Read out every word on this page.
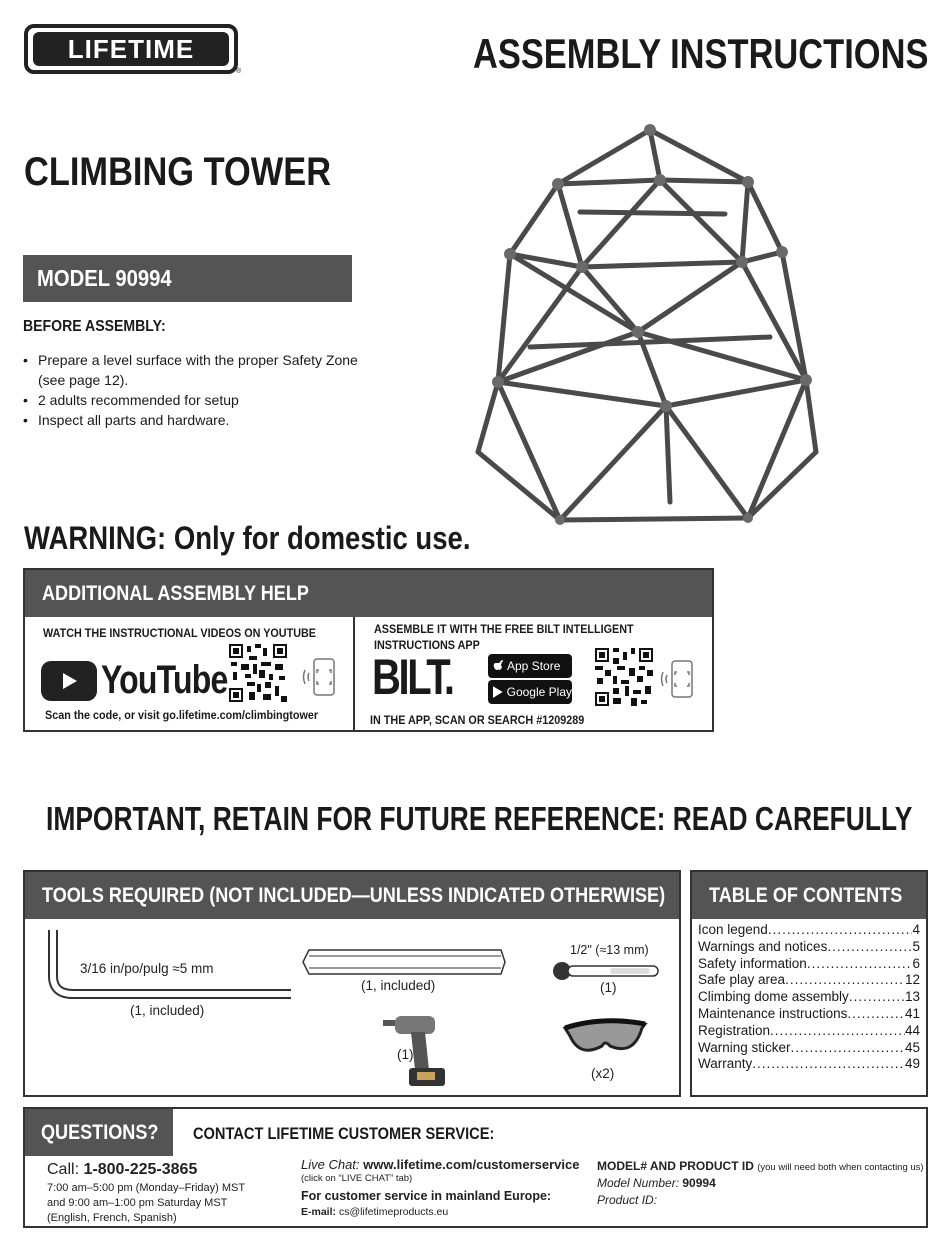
LIFETIME
®	ASSEMBLY INSTRUCTIONS
CLIMBING TOWER
MODEL 90994
BEFORE ASSEMBLY:
• Prepare a level surface with the proper Safety Zone
(see page 12).
• 2 adults recommended for setup
• Inspect all parts and hardware.
WARNING: Only for domestic use.
ADDITIONAL ASSEMBLY HELP
WATCH THE INSTRUCTIONAL VIDEOS ON YOUTUBE
YouTube
Scan the code, or visit go.lifetime.com/climbingtower
ASSEMBLE IT WITH THE FREE BILT INTELLIGENT
INSTRUCTIONS APP
BILT.	App Store
Google Play
IN THE APP, SCAN OR SEARCH #1209289
IMPORTANT, RETAIN FOR FUTURE REFERENCE: READ CAREFULLY
TOOLS REQUIRED (NOT INCLUDED—UNLESS INDICATED OTHERWISE)
3/16 in/po/pulg ≈5 mm
(1, included)
(1, included)
1/2" (≈13 mm)
(1)
(1)
(x2)
TABLE OF CONTENTS
Icon legend .....	4
Warnings and notices .....	5
Safety information .....	6
Safe play area .....	12
Climbing dome assembly .....	13
Maintenance instructions .....	41
Registration .....	44
Warning sticker .....	45
Warranty .....	49
QUESTIONS? CONTACT LIFETIME CUSTOMER SERVICE:
Call: 1-800-225-3865
7:00 am–5:00 pm (Monday–Friday) MST
and 9:00 am–1:00 pm Saturday MST
(English, French, Spanish)
Live Chat: www.lifetime.com/customerservice
(click on “LIVE CHAT” tab)
For customer service in mainland Europe:
E-mail: cs@lifetimeproducts.eu
MODEL# AND PRODUCT ID (you will need both when contacting us)
Model Number: 90994
Product ID:
